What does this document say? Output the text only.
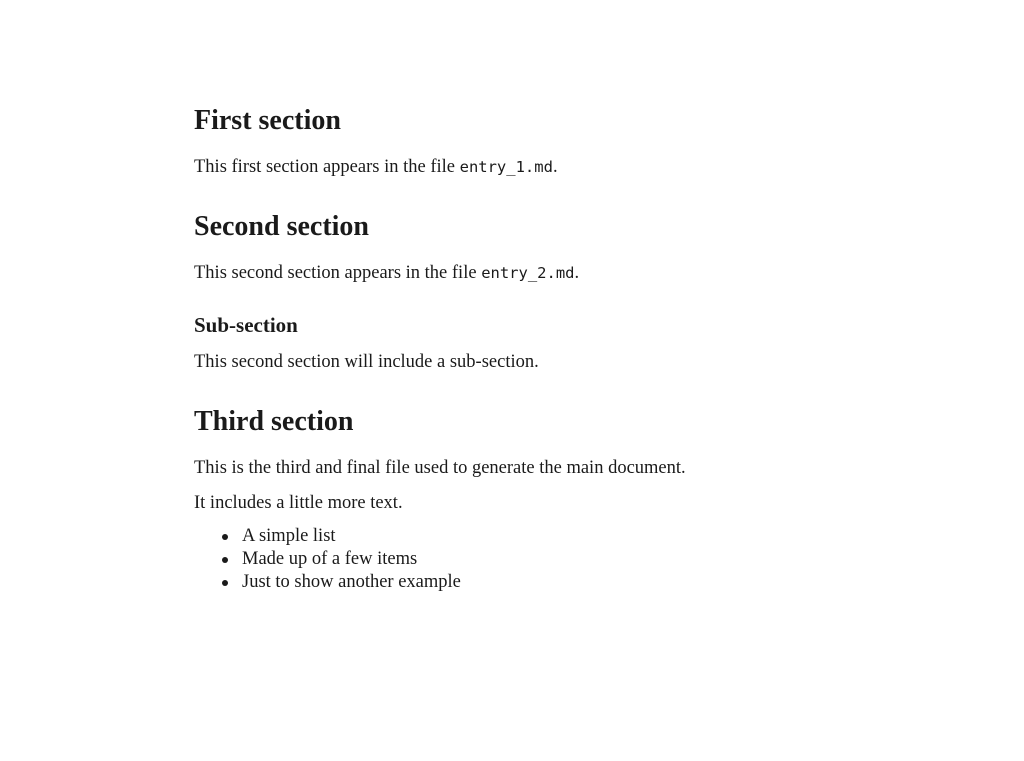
First section

This first section appears in the file entry_1.md.

Second section

This second section appears in the file entry_2.md.

Sub-section

This second section will include a sub-section.

Third section

This is the third and final file used to generate the main document.

It includes a little more text.

A simple list
Made up of a few items
Just to show another example
